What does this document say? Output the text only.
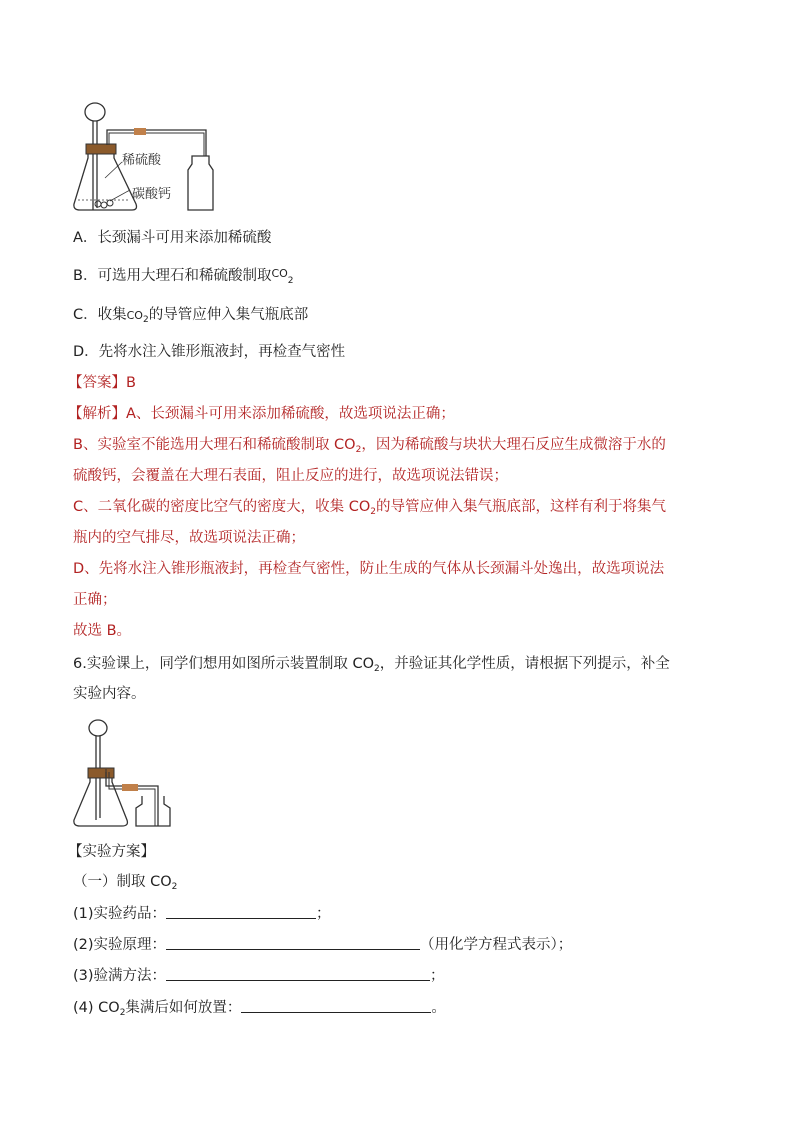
稀硫酸
碳酸钙
A．长颈漏斗可用来添加稀硫酸
B．可选用大理石和稀硫酸制取$^{CO}_2$
C．收集$CO_2$的导管应伸入集气瓶底部
D．先将水注入锥形瓶液封，再检查气密性
【答案】B
【解析】A、长颈漏斗可用来添加稀硫酸，故选项说法正确；
B、实验室不能选用大理石和稀硫酸制取 $CO_2$，因为稀硫酸与块状大理石反应生成微溶于水的
硫酸钙，会覆盖在大理石表面，阻止反应的进行，故选项说法错误；
C、二氧化碳的密度比空气的密度大，收集 $CO_2$的导管应伸入集气瓶底部，这样有利于将集气
瓶内的空气排尽，故选项说法正确；
D、先将水注入锥形瓶液封，再检查气密性，防止生成的气体从长颈漏斗处逸出，故选项说法
正确；
故选 B。
6.实验课上，同学们想用如图所示装置制取 $CO_2$，并验证其化学性质，请根据下列提示，补全
实验内容。
【实验方案】
（一）制取 $CO_2$
(1)实验药品：	；
(2)实验原理：	（用化学方程式表示）；
(3)验满方法：	；
(4) $CO_2$集满后如何放置：	。
